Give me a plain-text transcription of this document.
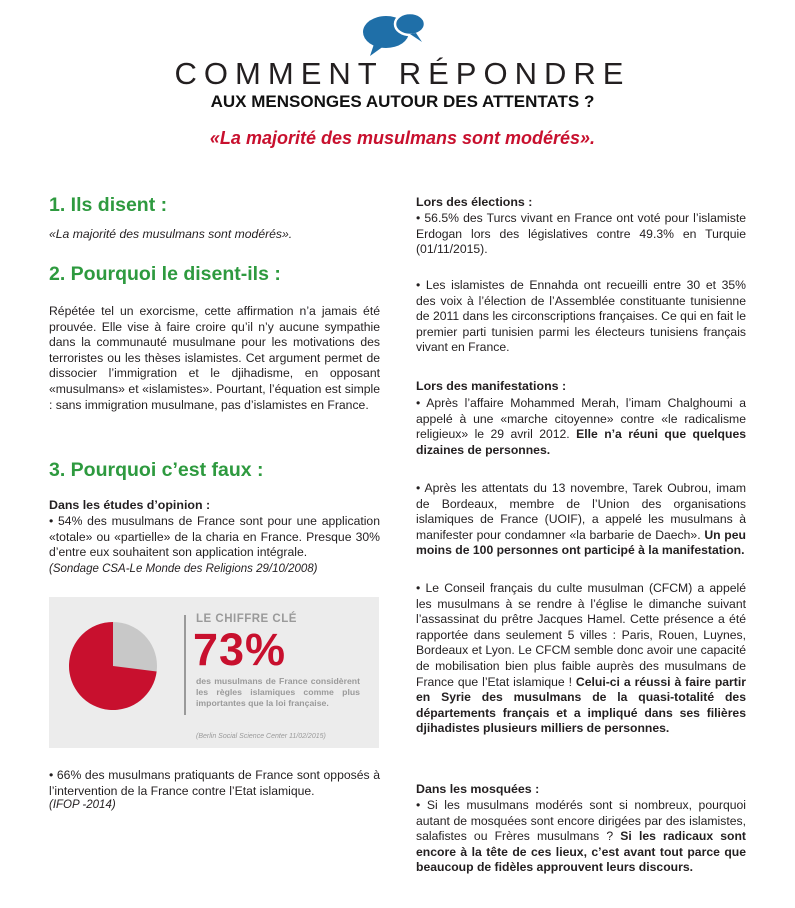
COMMENT RÉPONDRE
AUX MENSONGES AUTOUR DES ATTENTATS ?
«La majorité des musulmans sont modérés».
1. Ils disent :

«La majorité des musulmans sont modérés».

2. Pourquoi le disent-ils :

Répétée tel un exorcisme, cette affirmation n’a jamais été prouvée. Elle vise à faire croire qu’il n’y aucune sympathie dans la communauté musulmane pour les motivations des terroristes ou les thèses islamistes. Cet argument permet de dissocier l’immigration et le djihadisme, en opposant «musulmans» et «islamistes». Pourtant, l’équation est simple : sans immigration musulmane, pas d’islamistes en France.

3. Pourquoi c’est faux :
Dans les études d’opinion :

• 54% des musulmans de France sont pour une application «totale» ou «partielle» de la charia en France. Presque 30% d’entre eux souhaitent son application intégrale.

(Sondage CSA-Le Monde des Religions 29/10/2008)
LE CHIFFRE CLÉ
73%
des musulmans de France considèrent les règles islamiques comme plus importantes que la loi française.
(Berlin Social Science Center 11/02/2015)

• 66% des musulmans pratiquants de France sont opposés à l’intervention de la France contre l’Etat islamique.

(IFOP -2014)
Lors des élections :

• 56.5% des Turcs vivant en France ont voté pour l’islamiste Erdogan lors des législatives contre 49.3% en Turquie (01/11/2015).

• Les islamistes de Ennahda ont recueilli entre 30 et 35% des voix à l’élection de l’Assemblée constituante tunisienne de 2011 dans les circonscriptions françaises. Ce qui en fait le premier parti tunisien parmi les électeurs tunisiens français vivant en France.

Lors des manifestations :

• Après l’affaire Mohammed Merah, l’imam Chalghoumi a appelé à une «marche citoyenne» contre «le radicalisme religieux» le 29 avril 2012. Elle n’a réuni que quelques dizaines de personnes.

• Après les attentats du 13 novembre, Tarek Oubrou, imam de Bordeaux, membre de l’Union des organisations islamiques de France (UOIF), a appelé les musulmans à manifester pour condamner «la barbarie de Daech». Un peu moins de 100 personnes ont participé à la manifestation.

• Le Conseil français du culte musulman (CFCM) a appelé les musulmans à se rendre à l’église le dimanche suivant l’assassinat du prêtre Jacques Hamel. Cette présence a été rapportée dans seulement 5 villes : Paris, Rouen, Luynes, Bordeaux et Lyon. Le CFCM semble donc avoir une capacité de mobilisation bien plus faible auprès des musulmans de France que l’Etat islamique ! Celui-ci a réussi à faire partir en Syrie des musulmans de la quasi-totalité des départements français et a impliqué dans ses filières djihadistes plusieurs milliers de personnes.

Dans les mosquées :

• Si les musulmans modérés sont si nombreux, pourquoi autant de mosquées sont encore dirigées par des islamistes, salafistes ou Frères musulmans ? Si les radicaux sont encore à la tête de ces lieux, c’est avant tout parce que beaucoup de fidèles approuvent leurs discours.
